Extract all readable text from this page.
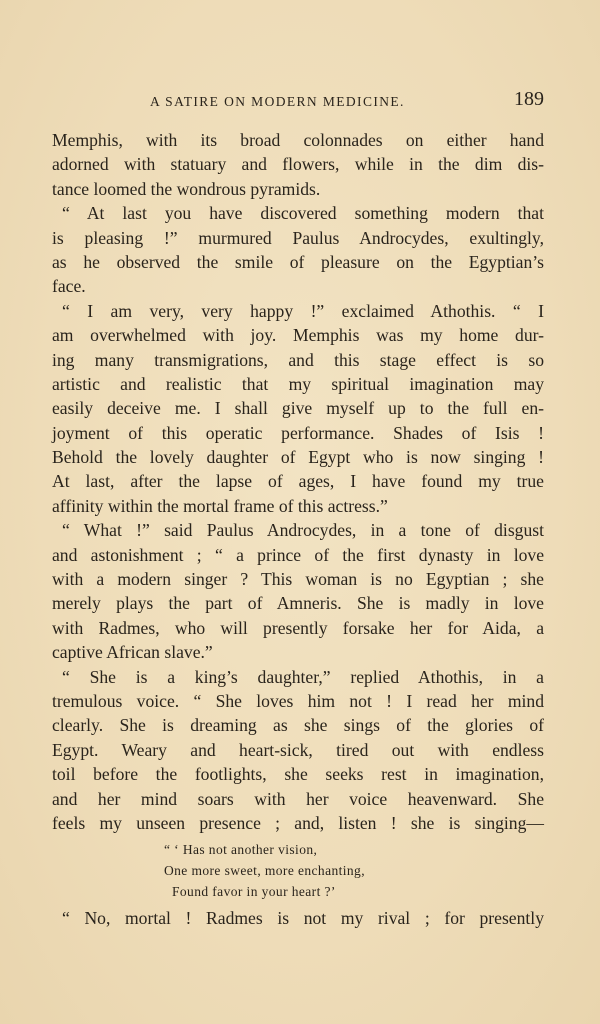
A SATIRE ON MODERN MEDICINE.	189
Memphis, with its broad colonnades on either hand
adorned with statuary and flowers, while in the dim dis-
tance loomed the wondrous pyramids.
“ At last you have discovered something modern that
is pleasing !” murmured Paulus Androcydes, exultingly,
as he observed the smile of pleasure on the Egyptian’s
face.
“ I am very, very happy !” exclaimed Athothis. “ I
am overwhelmed with joy. Memphis was my home dur-
ing many transmigrations, and this stage effect is so
artistic and realistic that my spiritual imagination may
easily deceive me. I shall give myself up to the full en-
joyment of this operatic performance. Shades of Isis !
Behold the lovely daughter of Egypt who is now singing !
At last, after the lapse of ages, I have found my true
affinity within the mortal frame of this actress.”
“ What !” said Paulus Androcydes, in a tone of disgust
and astonishment ; “ a prince of the first dynasty in love
with a modern singer ? This woman is no Egyptian ; she
merely plays the part of Amneris. She is madly in love
with Radmes, who will presently forsake her for Aida, a
captive African slave.”
“ She is a king’s daughter,” replied Athothis, in a
tremulous voice. “ She loves him not ! I read her mind
clearly. She is dreaming as she sings of the glories of
Egypt. Weary and heart-sick, tired out with endless
toil before the footlights, she seeks rest in imagination,
and her mind soars with her voice heavenward. She
feels my unseen presence ; and, listen ! she is singing—
“ ‘ Has not another vision,
One more sweet, more enchanting,
Found favor in your heart ?’
“ No, mortal ! Radmes is not my rival ; for presently
